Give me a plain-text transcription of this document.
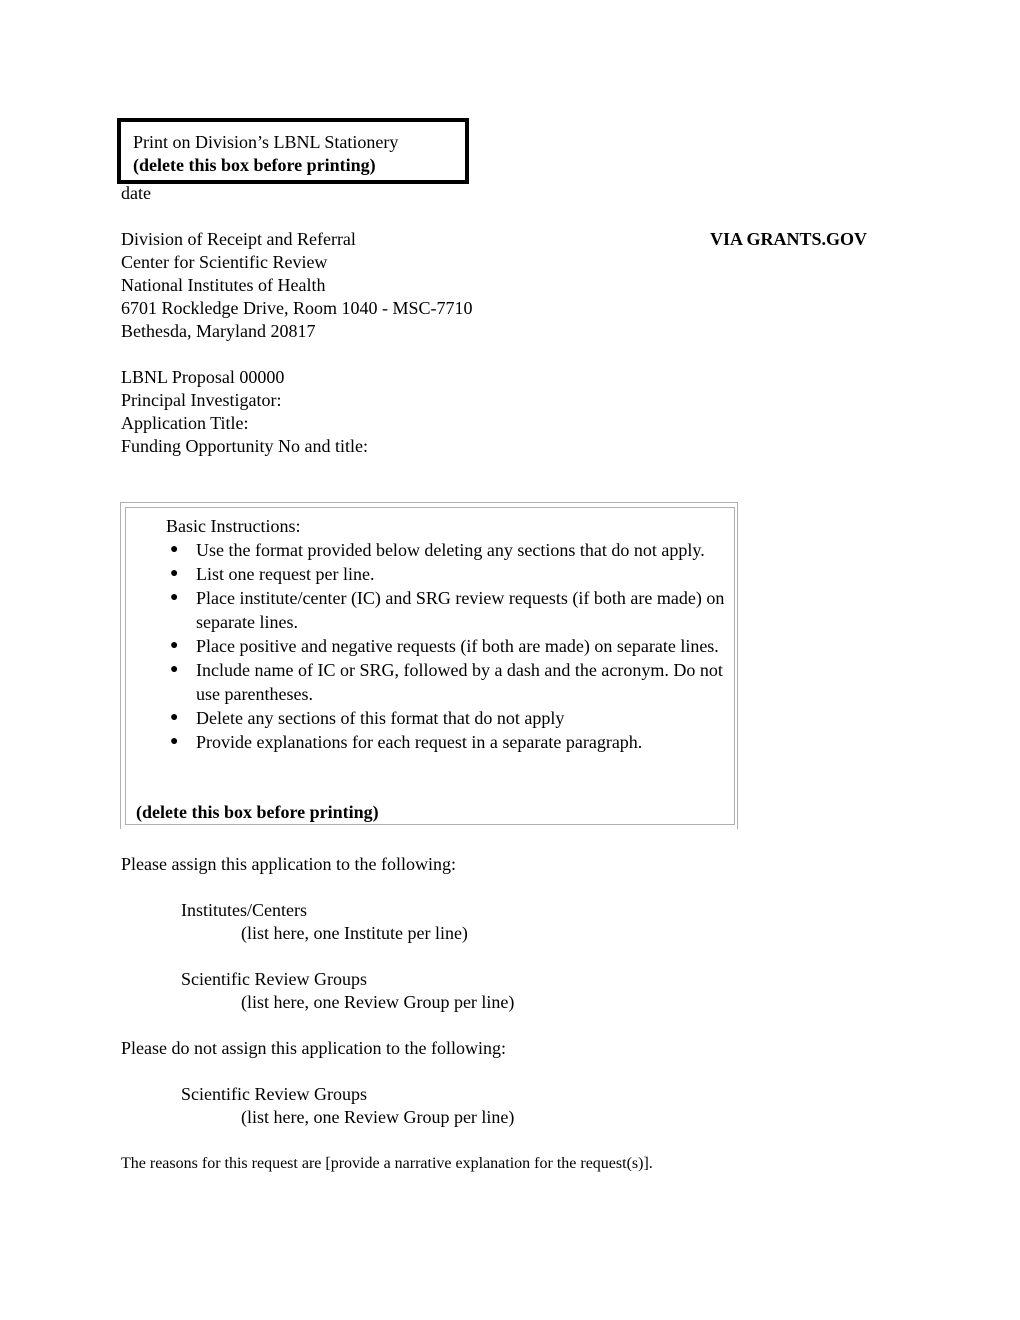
Print on Division’s LBNL Stationery
(delete this box before printing)
date
Division of Receipt and Referral
Center for Scientific Review
National Institutes of Health
6701 Rockledge Drive, Room 1040 - MSC-7710
Bethesda, Maryland 20817
VIA GRANTS.GOV
LBNL Proposal 00000
Principal Investigator:
Application Title:
Funding Opportunity No and title:
Basic Instructions:
● Use the format provided below deleting any sections that do not apply.
● List one request per line.
● Place institute/center (IC) and SRG review requests (if both are made) on separate lines.
● Place positive and negative requests (if both are made) on separate lines.
● Include name of IC or SRG, followed by a dash and the acronym. Do not use parentheses.
● Delete any sections of this format that do not apply
● Provide explanations for each request in a separate paragraph.
(delete this box before printing)
Please assign this application to the following:
Institutes/Centers
(list here, one Institute per line)
Scientific Review Groups
(list here, one Review Group per line)
Please do not assign this application to the following:
Scientific Review Groups
(list here, one Review Group per line)
The reasons for this request are [provide a narrative explanation for the request(s)].
